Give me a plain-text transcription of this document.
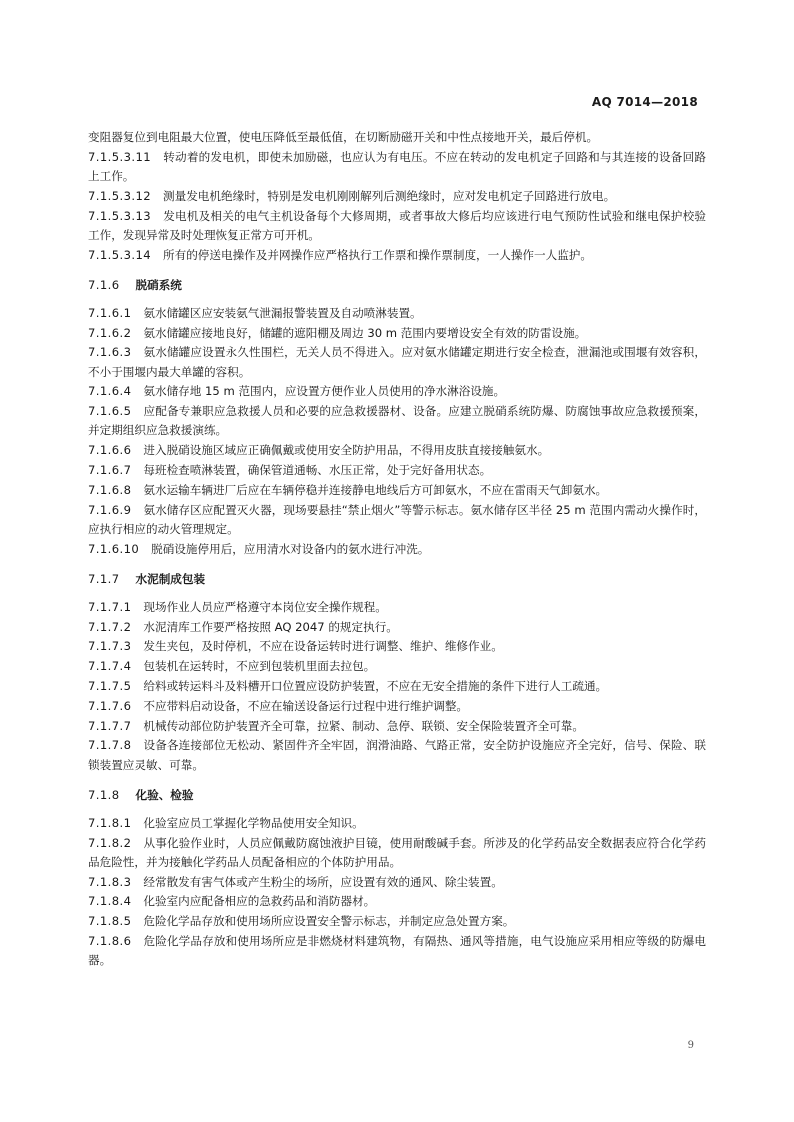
AQ 7014—2018

变阻器复位到电阻最大位置，使电压降低至最低值，在切断励磁开关和中性点接地开关，最后停机。

7.1.5.3.11 转动着的发电机，即使未加励磁，也应认为有电压。不应在转动的发电机定子回路和与其连接的设备回路上工作。

7.1.5.3.12 测量发电机绝缘时，特别是发电机刚刚解列后测绝缘时，应对发电机定子回路进行放电。

7.1.5.3.13 发电机及相关的电气主机设备每个大修周期，或者事故大修后均应该进行电气预防性试验和继电保护校验工作，发现异常及时处理恢复正常方可开机。

7.1.5.3.14 所有的停送电操作及并网操作应严格执行工作票和操作票制度，一人操作一人监护。

7.1.6 脱硝系统

7.1.6.1 氨水储罐区应安装氨气泄漏报警装置及自动喷淋装置。

7.1.6.2 氨水储罐应接地良好，储罐的遮阳棚及周边 30 m 范围内要增设安全有效的防雷设施。

7.1.6.3 氨水储罐应设置永久性围栏，无关人员不得进入。应对氨水储罐定期进行安全检查，泄漏池或围堰有效容积，不小于围堰内最大单罐的容积。

7.1.6.4 氨水储存地 15 m 范围内，应设置方便作业人员使用的净水淋浴设施。

7.1.6.5 应配备专兼职应急救援人员和必要的应急救援器材、设备。应建立脱硝系统防爆、防腐蚀事故应急救援预案，并定期组织应急救援演练。

7.1.6.6 进入脱硝设施区域应正确佩戴或使用安全防护用品，不得用皮肤直接接触氨水。

7.1.6.7 每班检查喷淋装置，确保管道通畅、水压正常，处于完好备用状态。

7.1.6.8 氨水运输车辆进厂后应在车辆停稳并连接静电地线后方可卸氨水，不应在雷雨天气卸氨水。

7.1.6.9 氨水储存区应配置灭火器，现场要悬挂“禁止烟火”等警示标志。氨水储存区半径 25 m 范围内需动火操作时，应执行相应的动火管理规定。

7.1.6.10 脱硝设施停用后，应用清水对设备内的氨水进行冲洗。

7.1.7 水泥制成包装

7.1.7.1 现场作业人员应严格遵守本岗位安全操作规程。

7.1.7.2 水泥清库工作要严格按照 AQ 2047 的规定执行。

7.1.7.3 发生夹包，及时停机，不应在设备运转时进行调整、维护、维修作业。

7.1.7.4 包装机在运转时，不应到包装机里面去拉包。

7.1.7.5 给料或转运料斗及料槽开口位置应设防护装置，不应在无安全措施的条件下进行人工疏通。

7.1.7.6 不应带料启动设备，不应在输送设备运行过程中进行维护调整。

7.1.7.7 机械传动部位防护装置齐全可靠，拉紧、制动、急停、联锁、安全保险装置齐全可靠。

7.1.7.8 设备各连接部位无松动、紧固件齐全牢固，润滑油路、气路正常，安全防护设施应齐全完好，信号、保险、联锁装置应灵敏、可靠。

7.1.8 化验、检验

7.1.8.1 化验室应员工掌握化学物品使用安全知识。

7.1.8.2 从事化验作业时，人员应佩戴防腐蚀液护目镜，使用耐酸碱手套。所涉及的化学药品安全数据表应符合化学药品危险性，并为接触化学药品人员配备相应的个体防护用品。

7.1.8.3 经常散发有害气体或产生粉尘的场所，应设置有效的通风、除尘装置。

7.1.8.4 化验室内应配备相应的急救药品和消防器材。

7.1.8.5 危险化学品存放和使用场所应设置安全警示标志，并制定应急处置方案。

7.1.8.6 危险化学品存放和使用场所应是非燃烧材料建筑物，有隔热、通风等措施，电气设施应采用相应等级的防爆电器。

9
